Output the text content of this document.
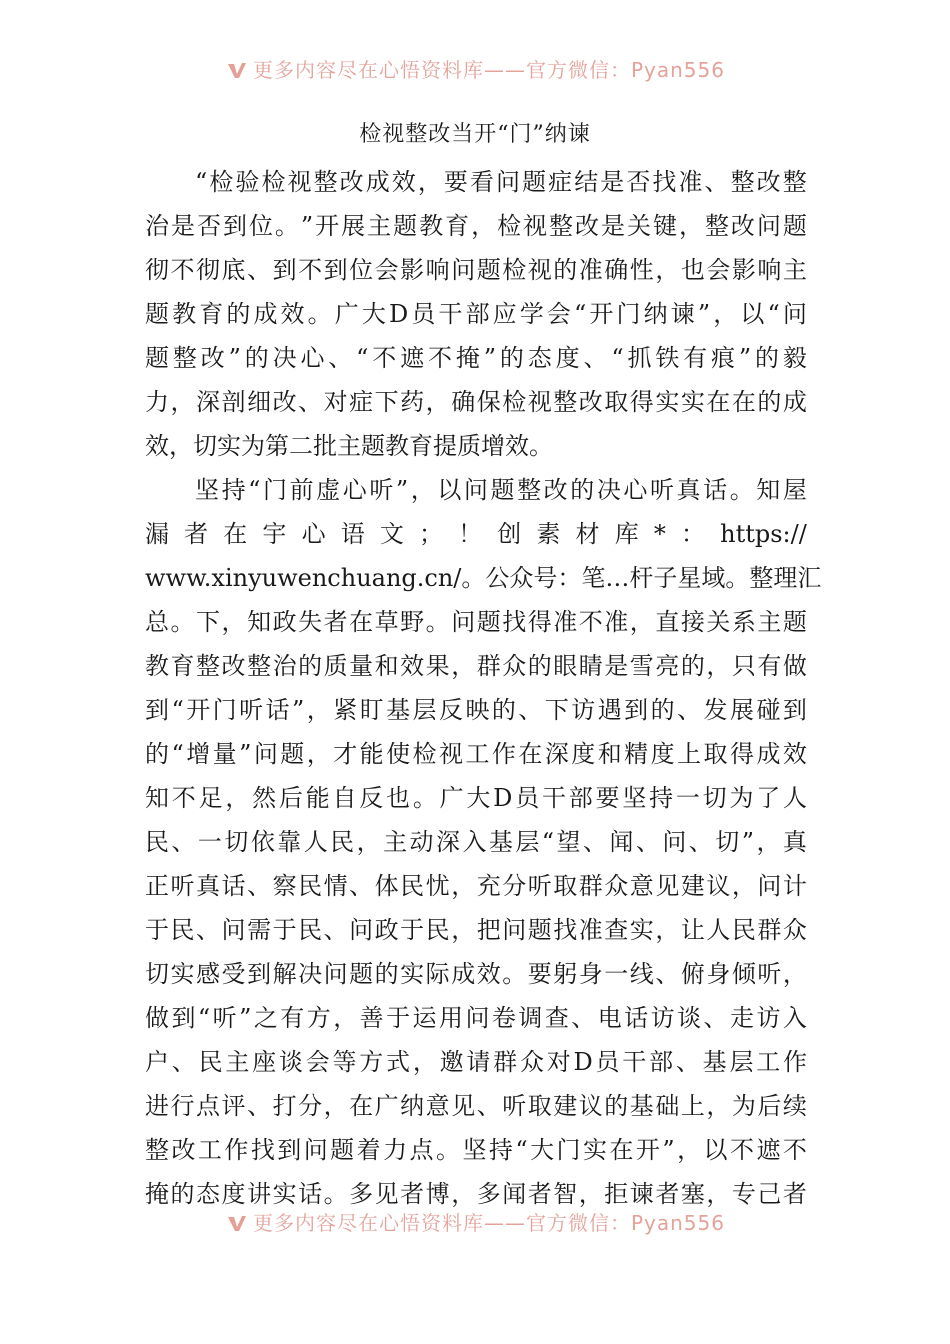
更多内容尽在心悟资料库——官方微信：Pyan556
检视整改当开“门”纳谏
“ 检 验 检 视 整 改 成 效 ， 要 看 问 题 症 结 是 否 找 准 、 整 改 整
治 是 否 到 位 。 ” 开 展 主 题 教 育 ， 检 视 整 改 是 关 键 ， 整 改 问 题
彻 不 彻 底 、 到 不 到 位 会 影 响 问 题 检 视 的 准 确 性 ， 也 会 影 响 主
题 教 育 的 成 效 。 广 大 D 员 干 部 应 学 会 “ 开 门 纳 谏 ” ， 以 “ 问
题 整 改 ” 的 决 心 、 “ 不 遮 不 掩 ” 的 态 度 、 “ 抓 铁 有 痕 ” 的 毅
力 ， 深 剖 细 改 、 对 症 下 药 ， 确 保 检 视 整 改 取 得 实 实 在 在 的 成
效 ， 切 实 为 第 二 批 主 题 教 育 提 质 增 效 。
坚 持 “ 门 前 虚 心 听 ” ， 以 问 题 整 改 的 决 心 听 真 话 。 知 屋
漏 者 在 宇 心 语 文 ； ！ 创 素 材 库 * ： https://
www.xinyuwenchuang.cn/ 。 公 众 号 ： 笔 … 杆 子 星 域 。 整 理 汇
总 。 下 ， 知 政 失 者 在 草 野 。 问 题 找 得 准 不 准 ， 直 接 关 系 主 题
教 育 整 改 整 治 的 质 量 和 效 果 ， 群 众 的 眼 睛 是 雪 亮 的 ， 只 有 做
到 “ 开 门 听 话 ” ， 紧 盯 基 层 反 映 的 、 下 访 遇 到 的 、 发 展 碰 到
的 “ 增 量 ” 问 题 ， 才 能 使 检 视 工 作 在 深 度 和 精 度 上 取 得 成 效
知 不 足 ， 然 后 能 自 反 也 。 广 大 D 员 干 部 要 坚 持 一 切 为 了 人
民 、 一 切 依 靠 人 民 ， 主 动 深 入 基 层 “ 望 、 闻 、 问 、 切 ” ， 真
正 听 真 话 、 察 民 情 、 体 民 忧 ， 充 分 听 取 群 众 意 见 建 议 ， 问 计
于 民 、 问 需 于 民 、 问 政 于 民 ， 把 问 题 找 准 查 实 ， 让 人 民 群 众
切 实 感 受 到 解 决 问 题 的 实 际 成 效 。 要 躬 身 一 线 、 俯 身 倾 听 ，
做 到 “ 听 ” 之 有 方 ， 善 于 运 用 问 卷 调 查 、 电 话 访 谈 、 走 访 入
户 、 民 主 座 谈 会 等 方 式 ， 邀 请 群 众 对 D 员 干 部 、 基 层 工 作
进 行 点 评 、 打 分 ， 在 广 纳 意 见 、 听 取 建 议 的 基 础 上 ， 为 后 续
整 改 工 作 找 到 问 题 着 力 点 。 坚 持 “ 大 门 实 在 开 ” ， 以 不 遮 不
掩 的 态 度 讲 实 话 。 多 见 者 博 ， 多 闻 者 智 ， 拒 谏 者 塞 ， 专 己 者
更多内容尽在心悟资料库——官方微信：Pyan556
